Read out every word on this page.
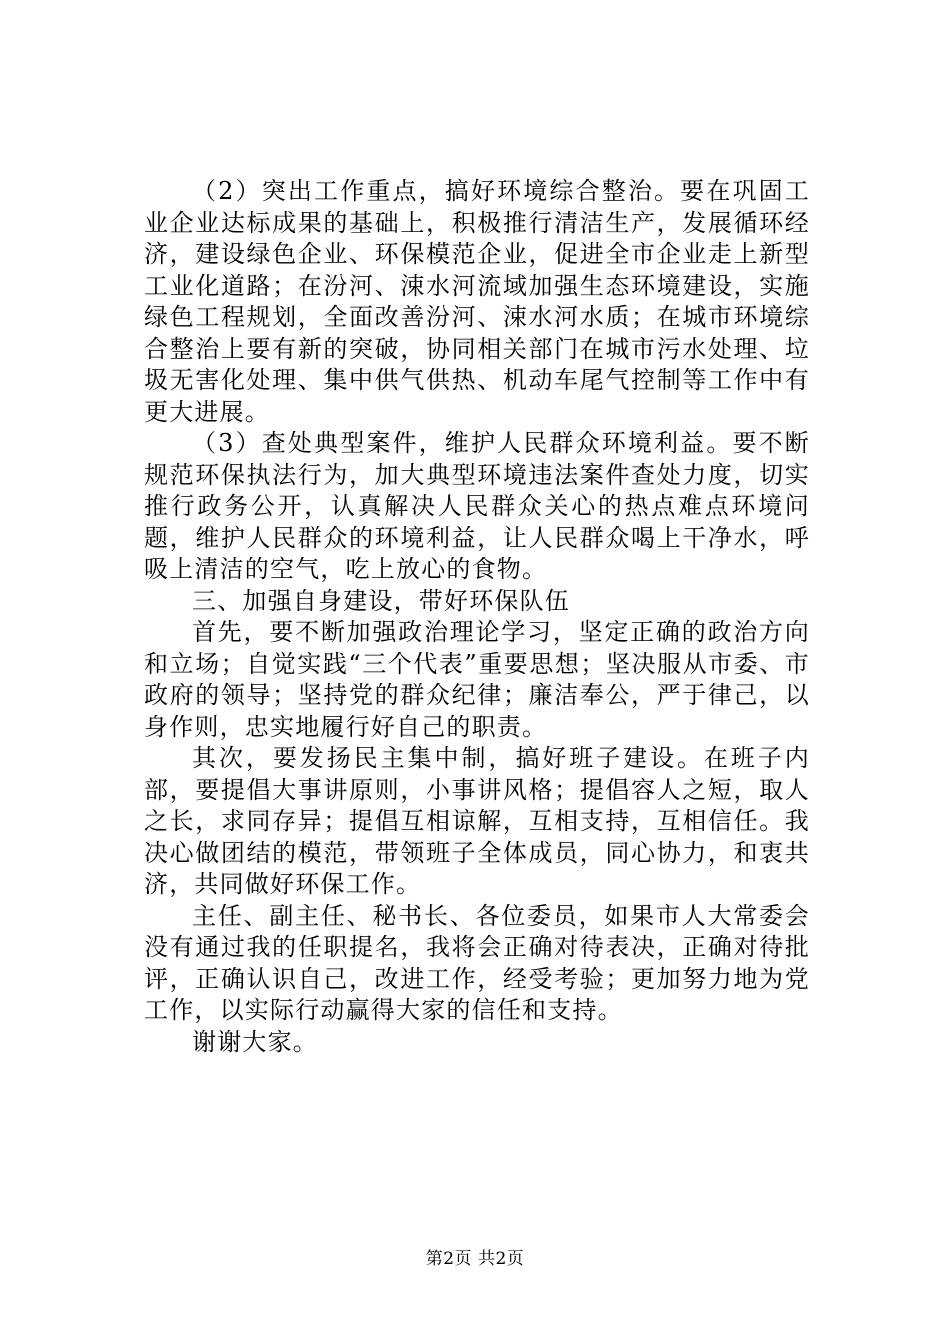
（2）突出工作重点，搞好环境综合整治。要在巩固工业企业达标成果的基础上，积极推行清洁生产，发展循环经济，建设绿色企业、环保模范企业，促进全市企业走上新型工业化道路；在汾河、涑水河流域加强生态环境建设，实施绿色工程规划，全面改善汾河、涑水河水质；在城市环境综合整治上要有新的突破，协同相关部门在城市污水处理、垃圾无害化处理、集中供气供热、机动车尾气控制等工作中有更大进展。

（3）查处典型案件，维护人民群众环境利益。要不断规范环保执法行为，加大典型环境违法案件查处力度，切实推行政务公开，认真解决人民群众关心的热点难点环境问题，维护人民群众的环境利益，让人民群众喝上干净水，呼吸上清洁的空气，吃上放心的食物。

三、加强自身建设，带好环保队伍

首先，要不断加强政治理论学习，坚定正确的政治方向和立场；自觉实践“三个代表”重要思想；坚决服从市委、市政府的领导；坚持党的群众纪律；廉洁奉公，严于律己，以身作则，忠实地履行好自己的职责。

其次，要发扬民主集中制，搞好班子建设。在班子内部，要提倡大事讲原则，小事讲风格；提倡容人之短，取人之长，求同存异；提倡互相谅解，互相支持，互相信任。我决心做团结的模范，带领班子全体成员，同心协力，和衷共济，共同做好环保工作。

主任、副主任、秘书长、各位委员，如果市人大常委会没有通过我的任职提名，我将会正确对待表决，正确对待批评，正确认识自己，改进工作，经受考验；更加努力地为党工作，以实际行动赢得大家的信任和支持。

谢谢大家。

第2页 共2页
